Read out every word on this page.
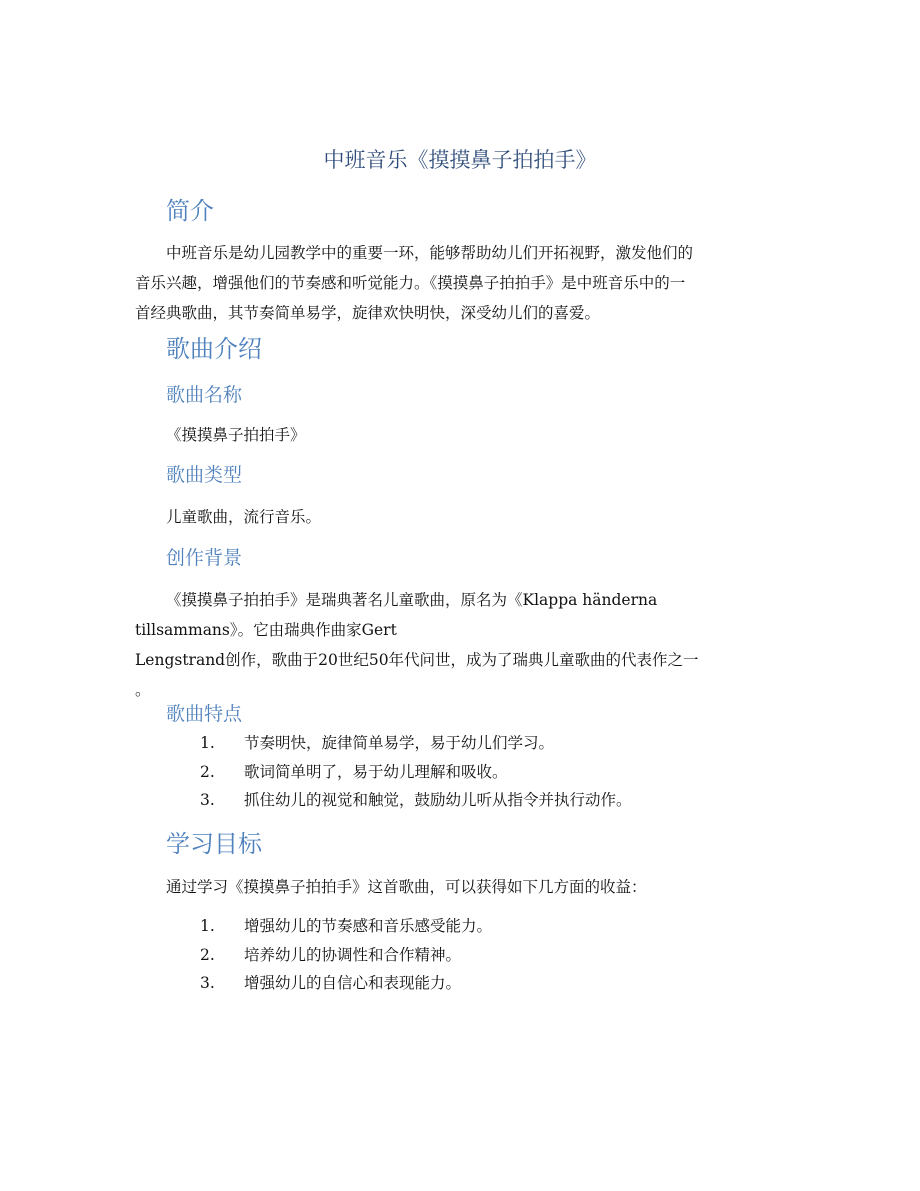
中班音乐《摸摸鼻子拍拍手》
简介
中班音乐是幼儿园教学中的重要一环，能够帮助幼儿们开拓视野，激发他们的
音乐兴趣，增强他们的节奏感和听觉能力。《摸摸鼻子拍拍手》是中班音乐中的一
首经典歌曲，其节奏简单易学，旋律欢快明快，深受幼儿们的喜爱。
歌曲介绍
歌曲名称
《摸摸鼻子拍拍手》
歌曲类型
儿童歌曲，流行音乐。
创作背景
《摸摸鼻子拍拍手》是瑞典著名儿童歌曲，原名为《Klappa händerna
tillsammans》。它由瑞典作曲家Gert
Lengstrand创作，歌曲于20世纪50年代问世，成为了瑞典儿童歌曲的代表作之一
。
歌曲特点
1.	节奏明快，旋律简单易学，易于幼儿们学习。
2.	歌词简单明了，易于幼儿理解和吸收。
3.	抓住幼儿的视觉和触觉，鼓励幼儿听从指令并执行动作。
学习目标
通过学习《摸摸鼻子拍拍手》这首歌曲，可以获得如下几方面的收益：
1.	增强幼儿的节奏感和音乐感受能力。
2.	培养幼儿的协调性和合作精神。
3.	增强幼儿的自信心和表现能力。
